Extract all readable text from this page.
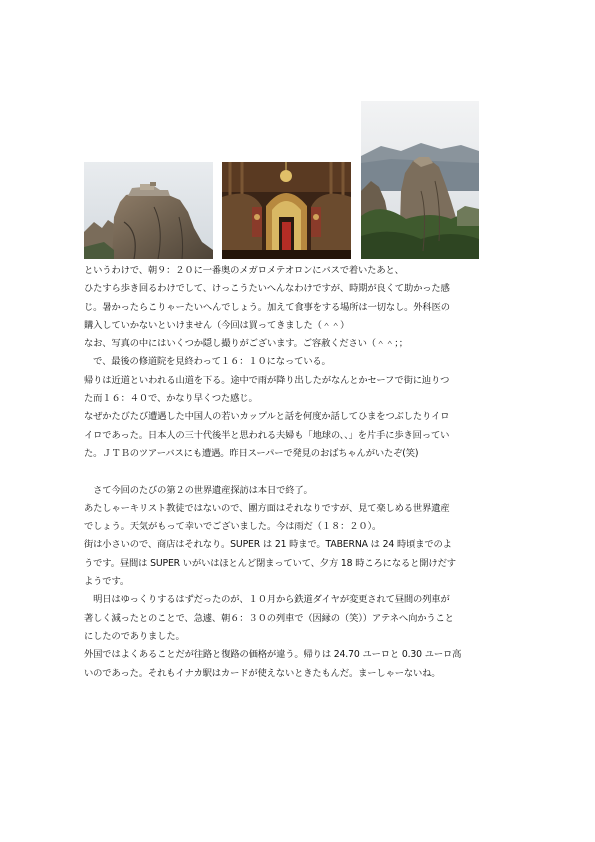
というわけで、朝９：２０に一番奥のメガロメテオロンにバスで着いたあと、

ひたすら歩き回るわけでして、けっこうたいへんなわけですが、時期が良くて助かった感

じ。暑かったらこりゃーたいへんでしょう。加えて食事をする場所は一切なし。外科医の

購入していかないといけません（今回は買ってきました（＾＾）

なお、写真の中にはいくつか隠し撮りがございます。ご容赦ください（＾＾；；

　で、最後の修道院を見終わって１６：１０になっている。

帰りは近道といわれる山道を下る。途中で雨が降り出したがなんとかセーフで街に辿りつ

た而１６：４０で、かなり早くつた感じ。

なぜかたびたび遭遇した中国人の若いカップルと話を何度か話してひまをつぶしたりイロ

イロであった。日本人の三十代後半と思われる夫婦も「地球の、、」を片手に歩き回ってい

た。ＪＴＢのツアーバスにも遭遇。昨日スーパーで発見のおばちゃんがいたぞ(笑)

　さて今回のたびの第２の世界遺産探訪は本日で終了。

あたしゃーキリスト教徒ではないので、團方面はそれなりですが、見て楽しめる世界遺産

でしょう。天気がもって幸いでございました。今は雨だ（１８：２０）。

街は小さいので、商店はそれなり。SUPER は 21 時まで。TABERNA は 24 時頃までのよ

うです。昼間は SUPER いがいはほとんど閉まっていて、夕方 18 時ころになると開けだす

ようです。

　明日はゆっくりするはずだったのが、１０月から鉄道ダイヤが変更されて昼間の列車が

著しく減ったとのことで、急遽、朝６：３０の列車で（因縁の（笑））アテネへ向かうこと

にしたのでありました。

外国ではよくあることだが往路と復路の価格が違う。帰りは 24.70 ユーロと 0.30 ユーロ高

いのであった。それもイナカ駅はカードが使えないときたもんだ。まーしゃーないね。
